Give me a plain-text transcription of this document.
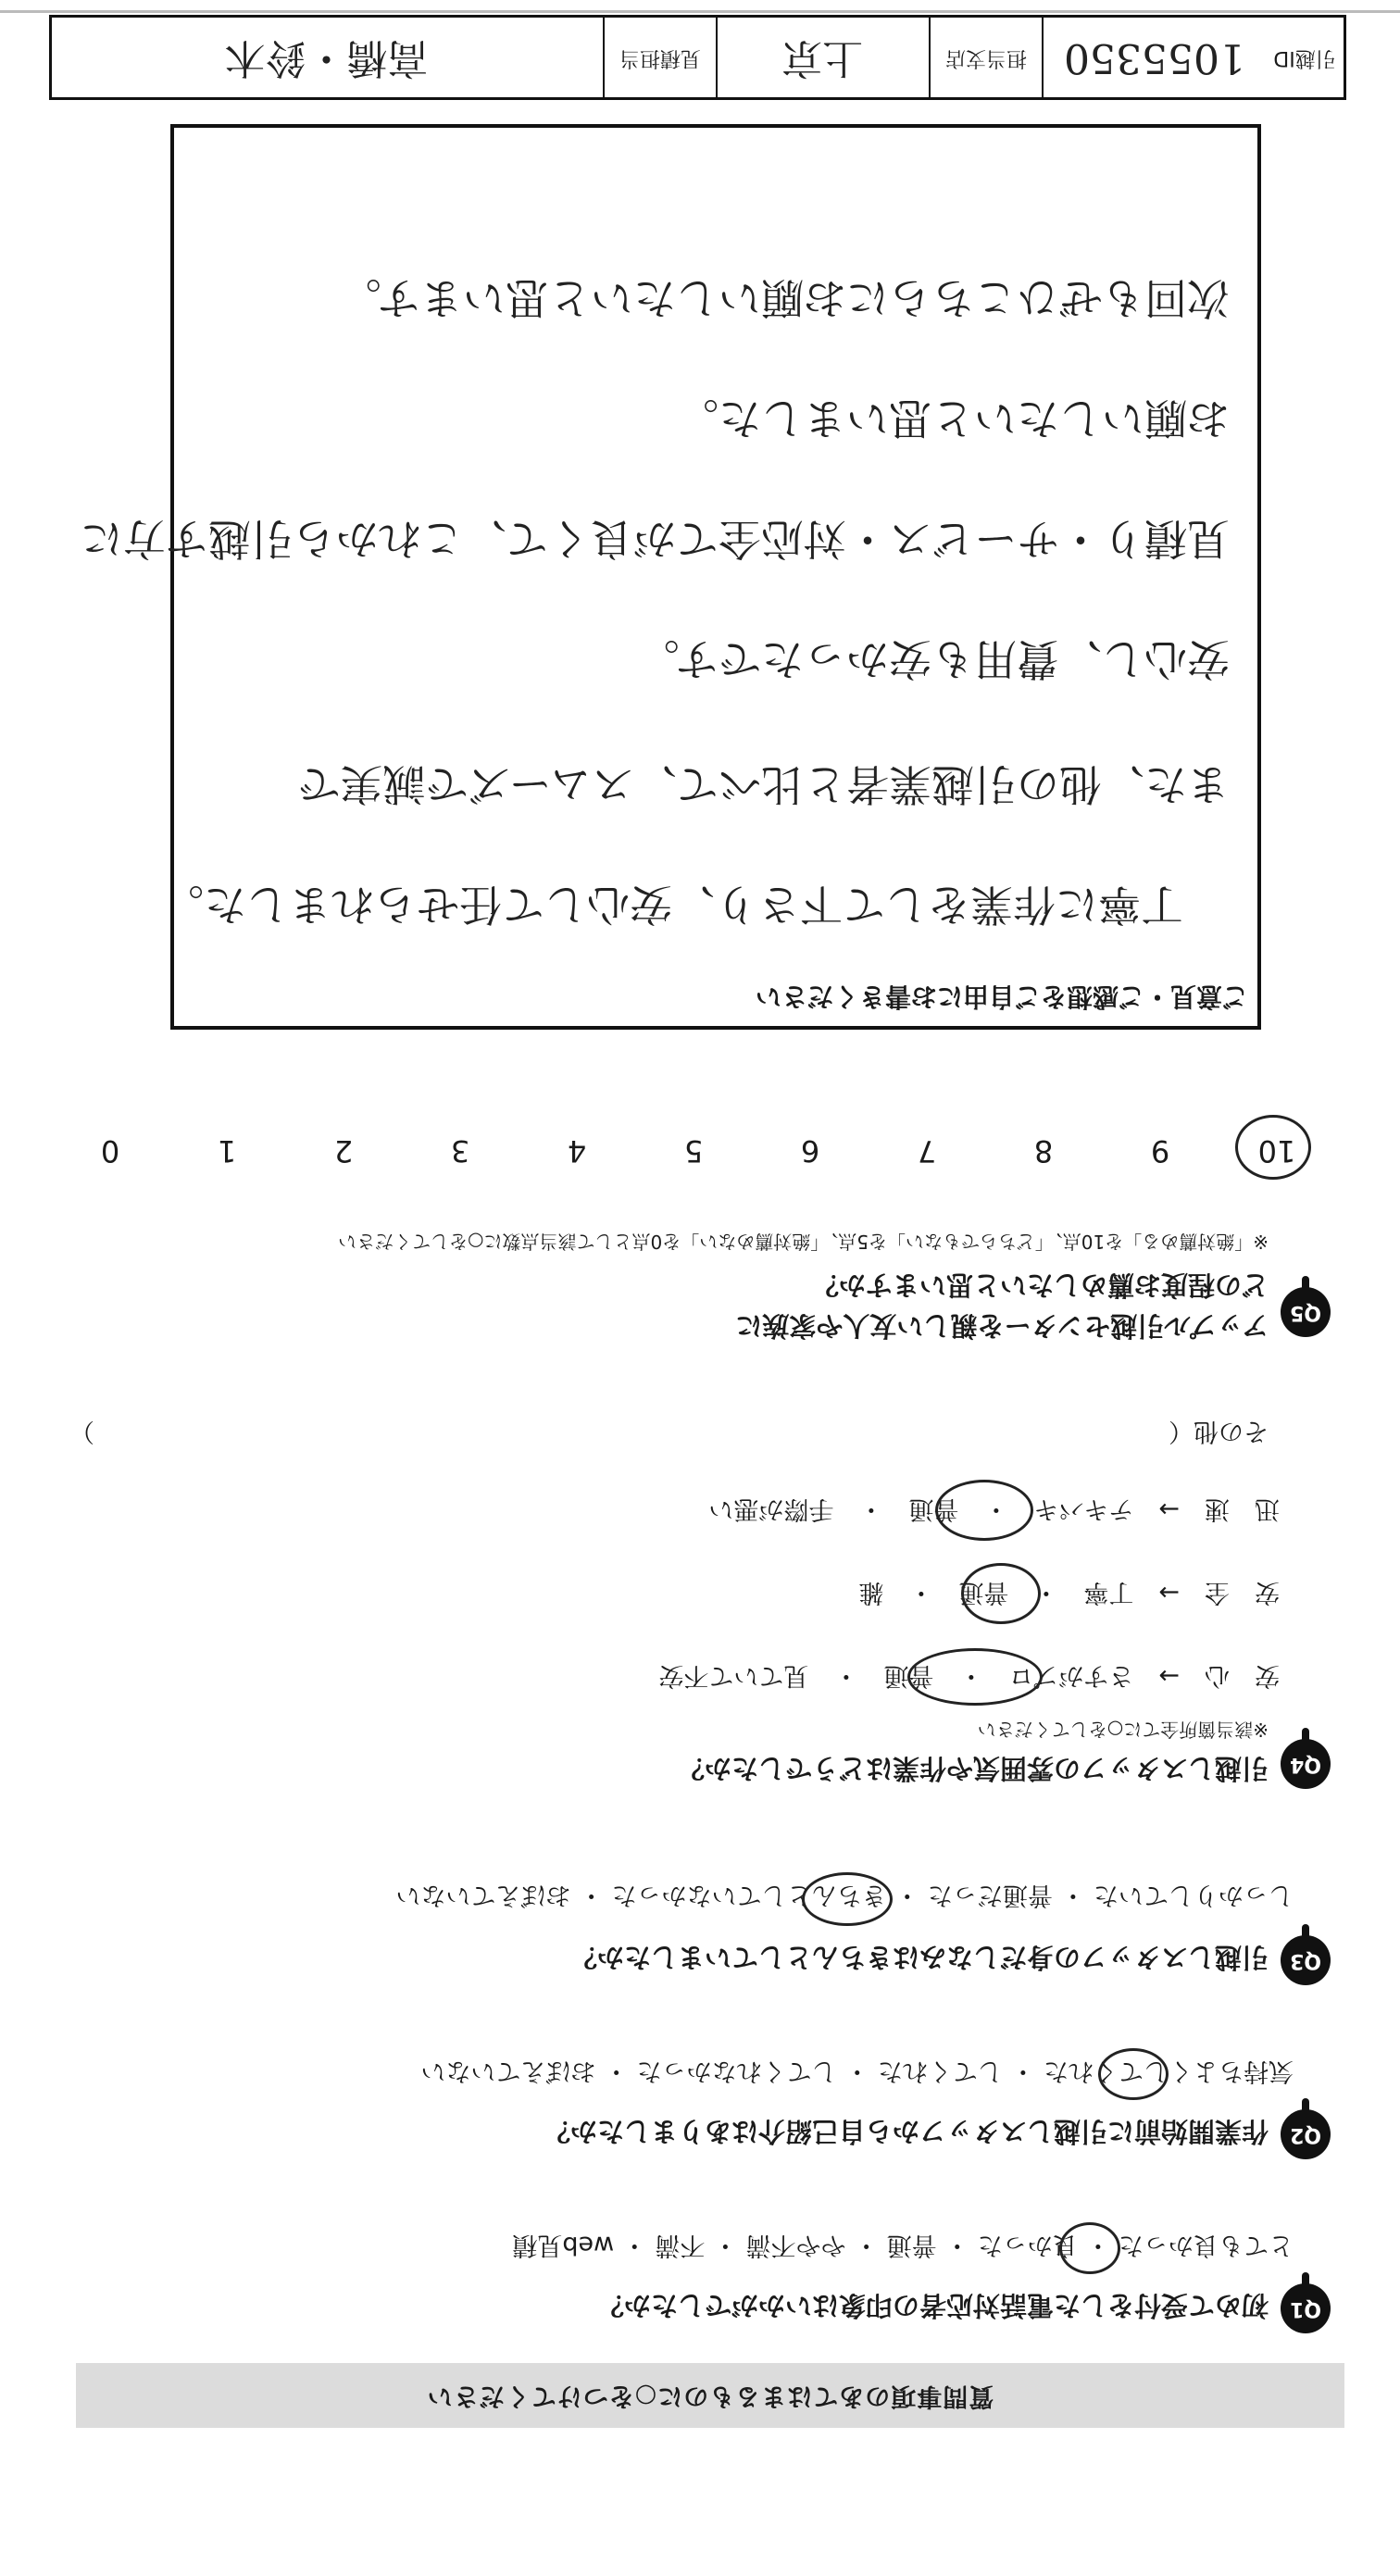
質問事項のあてはまるものに○をつけてください
Q1
初めて受付をした電話対応者の印象はいかがでしたか？
とても良かった ・ 良かった ・ 普通 ・ やや不満 ・ 不満 ・ web見積
Q2
作業開始前に引越しスタッフから自己紹介はありましたか？
気持ちよくしてくれた ・ してくれた ・ してくれなかった ・ おぼえていない
Q3
引越しスタッフの身だしなみはきちんとしていましたか？
しっかりしていた ・ 普通だった ・ きちんとしていなかった ・ おぼえていない
Q4
引越しスタッフの雰囲気や作業はどうでしたか？
※該当箇所全てに○をしてください
安　心　→　さすがプロ　・　普通　・　見ていて不安
安　全　→　丁寧　・　普通　・　雑
迅　速　→　テキパキ　・　普通　・　手際が悪い
その他（
）
Q5
アップル引越センターを親しい友人や家族に
どの程度お薦めしたいと思いますか？
※「絶対薦める」を10点、「どちらでもない」を5点、「絶対薦めない」を0点として該当点数に○をしてください
109876543210
ご意見・ご感想をご自由にお書きください
丁寧に作業をして下さり、安心して任せられました。
また、他の引越業者と比べて、スムーズで誠実で
安心し、費用も安かったです。
見積り・サービス・対応全てが良くて、これから引越す方に
お願いしたいと思いました。
次回もぜひこちらにお願いしたいと思います。
引越ID
1055350
担当支店
上京
見積担当
高橋・鈴木
